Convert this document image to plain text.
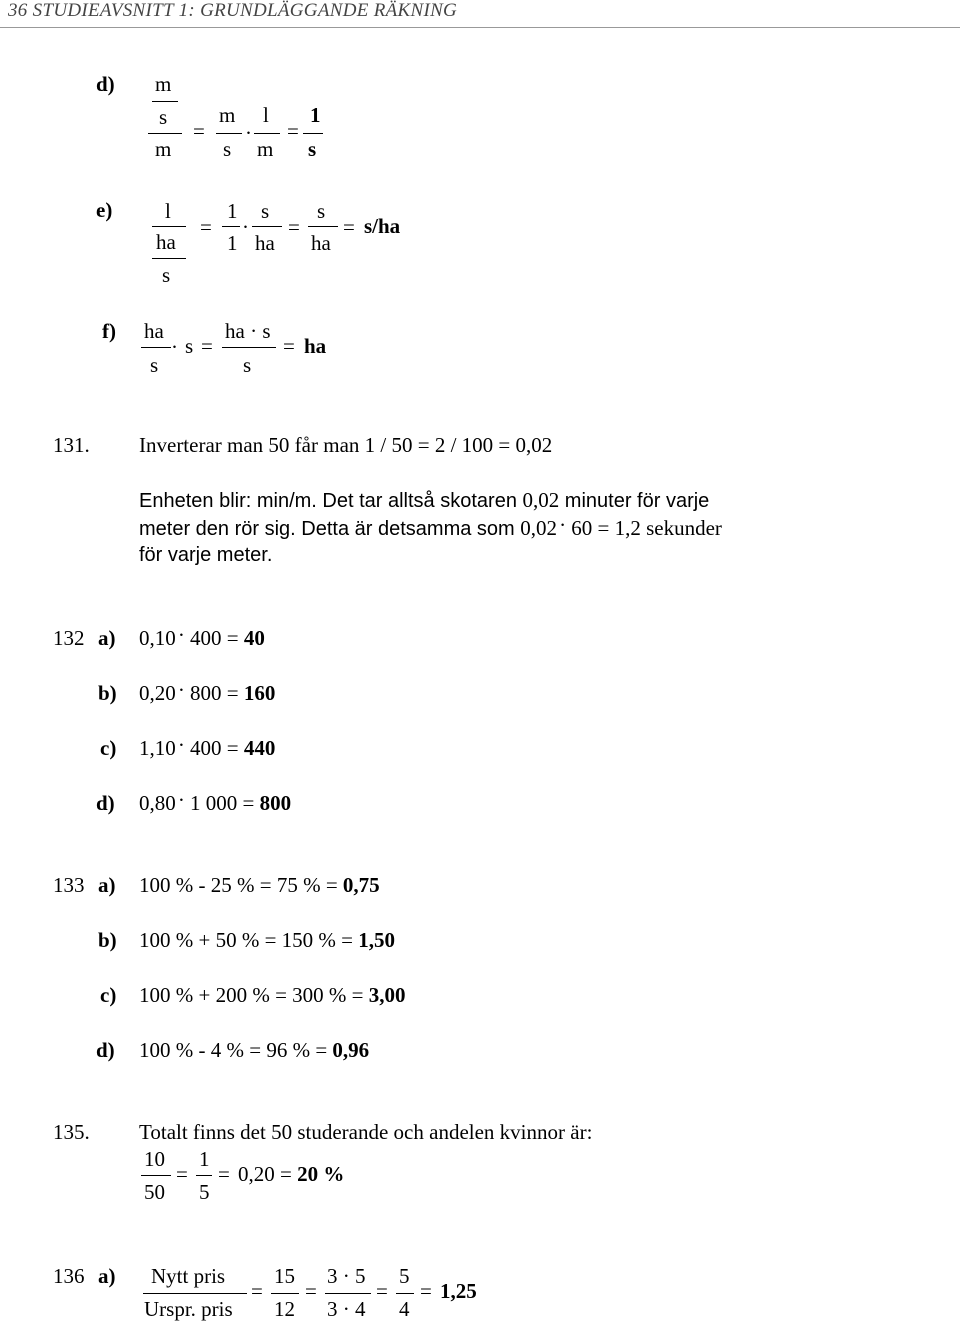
36 STUDIEAVSNITT 1: GRUNDLÄGGANDE RÄKNING
d) m
s
m
=
m
s
·
l
m
=
1
s
e)	l
ha
s
=
1
1
·
s
ha
=
s
ha
= s/ha
f) ha
s
· s =
ha · s
s
= ha
131. Inverterar man 50 får man 1 / 50 = 2 / 100 = 0,02
Enheten blir: min/m. Det tar alltså skotaren 0,02 minuter för varje
meter den rör sig. Detta är detsamma som 0,02 . 60 = 1,2 sekunder
för varje meter.
132 a) 0,10 . 400 = 40
b) 0,20 . 800 = 160
c) 1,10 . 400 = 440
d) 0,80 . 1 000 = 800
133 a) 100 % - 25 % = 75 % = 0,75
b) 100 % + 50 % = 150 % = 1,50
c) 100 % + 200 % = 300 % = 3,00
d) 100 % - 4 % = 96 % = 0,96
135. Totalt finns det 50 studerande och andelen kvinnor är:
10
50
=
1
5
= 0,20 = 20 %
136 a) Nytt pris
Urspr. pris
=
15
12
=
3 · 5
3 · 4
=
5
4
= 1,25
